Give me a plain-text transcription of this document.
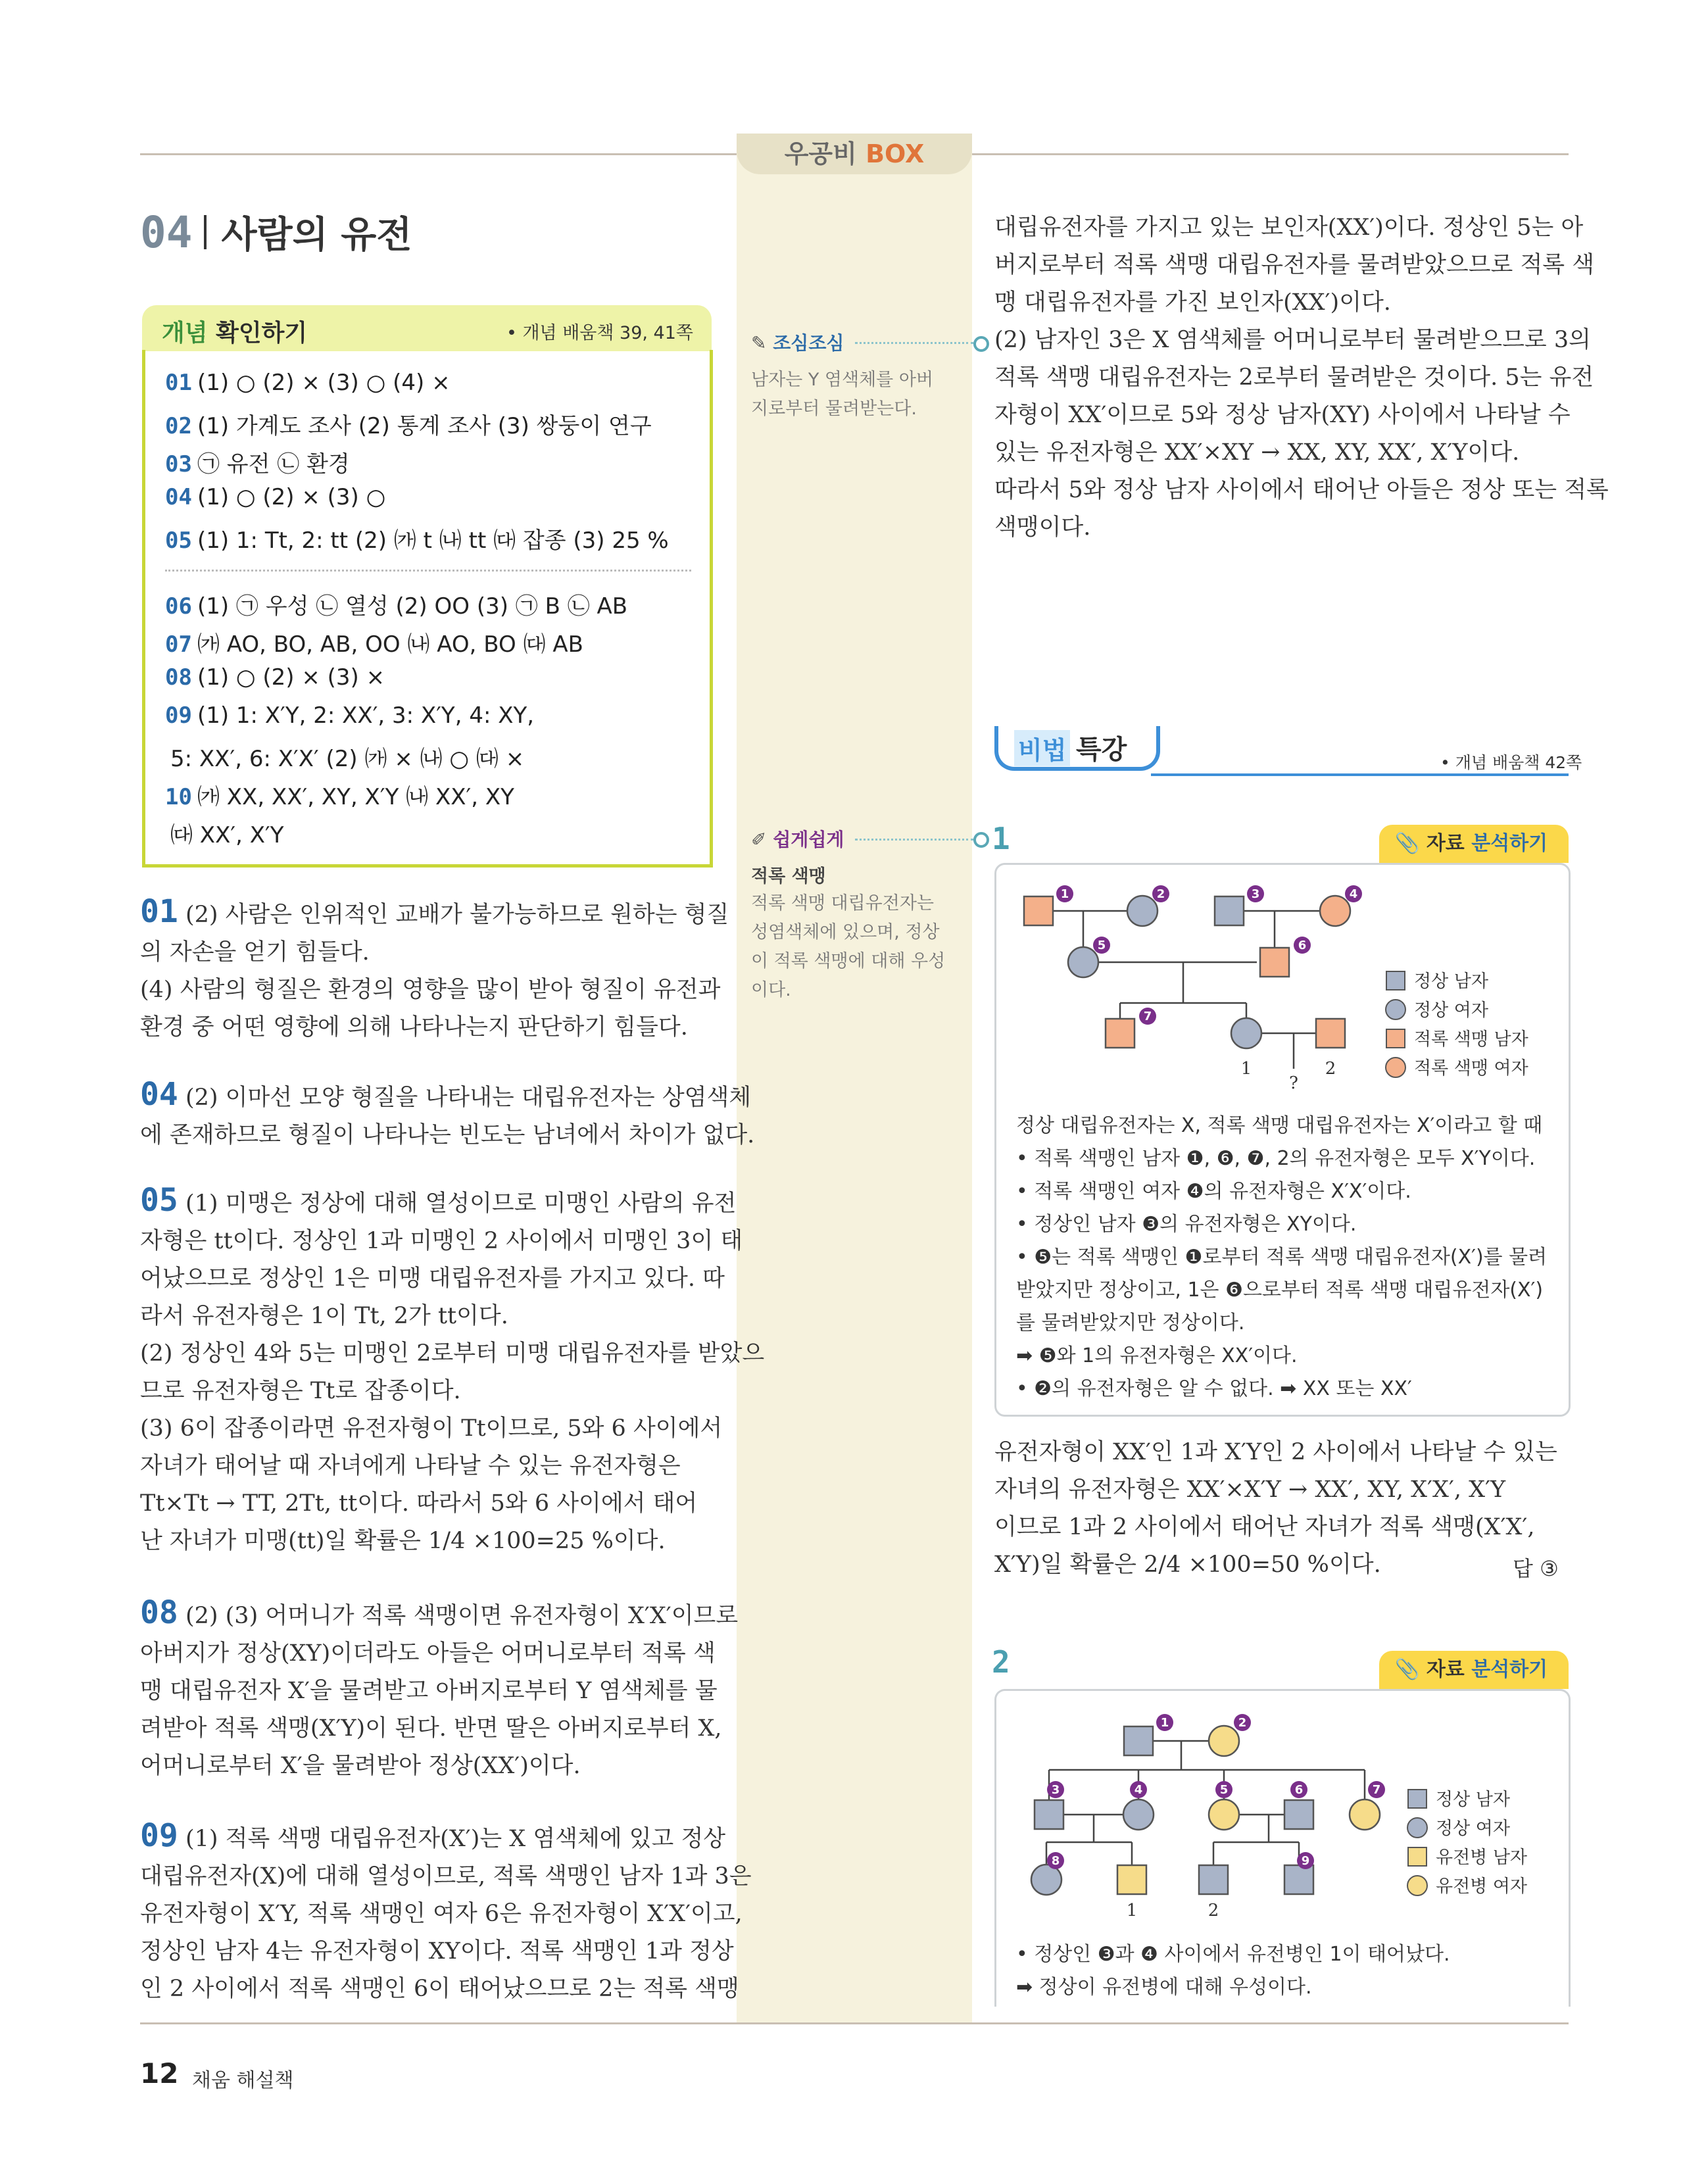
우공비 BOX
04 사람의 유전
개념 확인하기	• 개념 배움책 39, 41쪽
01 (1) ○ (2) × (3) ○ (4) ×
02 (1) 가계도 조사 (2) 통계 조사 (3) 쌍둥이 연구
03 ㉠ 유전 ㉡ 환경
04 (1) ○ (2) × (3) ○
05 (1) 1: Tt, 2: tt (2) ㈎ t ㈏ tt ㈐ 잡종 (3) 25 %
06 (1) ㉠ 우성 ㉡ 열성 (2) OO (3) ㉠ B ㉡ AB
07 ㈎ AO, BO, AB, OO ㈏ AO, BO ㈐ AB
08 (1) ○ (2) × (3) ×
09 (1) 1: X′Y, 2: XX′, 3: X′Y, 4: XY,
5: XX′, 6: X′X′ (2) ㈎ × ㈏ ○ ㈐ ×
10 ㈎ XX, XX′, XY, X′Y ㈏ XX′, XY
㈐ XX′, X′Y
01 (2) 사람은 인위적인 교배가 불가능하므로 원하는 형질
의 자손을 얻기 힘들다.
(4) 사람의 형질은 환경의 영향을 많이 받아 형질이 유전과
환경 중 어떤 영향에 의해 나타나는지 판단하기 힘들다.
04 (2) 이마선 모양 형질을 나타내는 대립유전자는 상염색체
에 존재하므로 형질이 나타나는 빈도는 남녀에서 차이가 없다.
05 (1) 미맹은 정상에 대해 열성이므로 미맹인 사람의 유전
자형은 tt이다. 정상인 1과 미맹인 2 사이에서 미맹인 3이 태
어났으므로 정상인 1은 미맹 대립유전자를 가지고 있다. 따
라서 유전자형은 1이 Tt, 2가 tt이다.
(2) 정상인 4와 5는 미맹인 2로부터 미맹 대립유전자를 받았으
므로 유전자형은 Tt로 잡종이다.
(3) 6이 잡종이라면 유전자형이 Tt이므로, 5와 6 사이에서
자녀가 태어날 때 자녀에게 나타날 수 있는 유전자형은
Tt×Tt → TT, 2Tt, tt이다. 따라서 5와 6 사이에서 태어
난 자녀가 미맹(tt)일 확률은 1/4 ×100=25 %이다.
08 (2) (3) 어머니가 적록 색맹이면 유전자형이 X′X′이므로
아버지가 정상(XY)이더라도 아들은 어머니로부터 적록 색
맹 대립유전자 X′을 물려받고 아버지로부터 Y 염색체를 물
려받아 적록 색맹(X′Y)이 된다. 반면 딸은 아버지로부터 X,
어머니로부터 X′을 물려받아 정상(XX′)이다.
09 (1) 적록 색맹 대립유전자(X′)는 X 염색체에 있고 정상
대립유전자(X)에 대해 열성이므로, 적록 색맹인 남자 1과 3은
유전자형이 X′Y, 적록 색맹인 여자 6은 유전자형이 X′X′이고,
정상인 남자 4는 유전자형이 XY이다. 적록 색맹인 1과 정상
인 2 사이에서 적록 색맹인 6이 태어났으므로 2는 적록 색맹
✎ 조심조심
남자는 Y 염색체를 아버
지로부터 물려받는다.
✐ 쉽게쉽게
적록 색맹
적록 색맹 대립유전자는
성염색체에 있으며, 정상
이 적록 색맹에 대해 우성
이다.
대립유전자를 가지고 있는 보인자(XX′)이다. 정상인 5는 아
버지로부터 적록 색맹 대립유전자를 물려받았으므로 적록 색
맹 대립유전자를 가진 보인자(XX′)이다.
(2) 남자인 3은 X 염색체를 어머니로부터 물려받으므로 3의
적록 색맹 대립유전자는 2로부터 물려받은 것이다. 5는 유전
자형이 XX′이므로 5와 정상 남자(XY) 사이에서 나타날 수
있는 유전자형은 XX′×XY → XX, XY, XX′, X′Y이다.
따라서 5와 정상 남자 사이에서 태어난 아들은 정상 또는 적록
색맹이다.
비법 특강	• 개념 배움책 42쪽
1	📎 자료 분석하기
1	2	3	4
5	6
7
1	2
?
정상 남자
정상 여자
적록 색맹 남자
적록 색맹 여자
정상 대립유전자는 X, 적록 색맹 대립유전자는 X′이라고 할 때
• 적록 색맹인 남자 ❶, ❻, ❼, 2의 유전자형은 모두 X′Y이다.
• 적록 색맹인 여자 ❹의 유전자형은 X′X′이다.
• 정상인 남자 ❸의 유전자형은 XY이다.
• ❺는 적록 색맹인 ❶로부터 적록 색맹 대립유전자(X′)를 물려
받았지만 정상이고, 1은 ❻으로부터 적록 색맹 대립유전자(X′)
를 물려받았지만 정상이다.
➡ ❺와 1의 유전자형은 XX′이다.
• ❷의 유전자형은 알 수 없다. ➡ XX 또는 XX′
유전자형이 XX′인 1과 X′Y인 2 사이에서 나타날 수 있는
자녀의 유전자형은 XX′×X′Y → XX′, XY, X′X′, X′Y
이므로 1과 2 사이에서 태어난 자녀가 적록 색맹(X′X′,
X′Y)일 확률은 2/4 ×100=50 %이다.	답 ③
2	📎 자료 분석하기
1	2
3	4	5	6	7
8	9
1	2
정상 남자
정상 여자
유전병 남자
유전병 여자
• 정상인 ❸과 ❹ 사이에서 유전병인 1이 태어났다.
➡ 정상이 유전병에 대해 우성이다.
12 채움 해설책
